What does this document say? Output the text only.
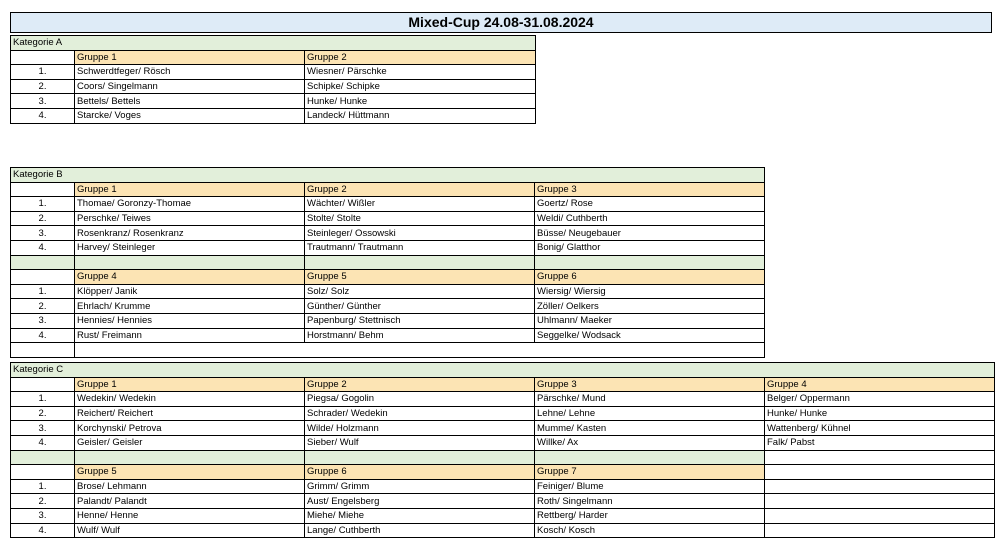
Mixed-Cup 24.08-31.08.2024
Kategorie A		
	Gruppe 1	Gruppe 2
1.	Schwerdtfeger/ Rösch	Wiesner/ Pärschke
2.	Coors/ Singelmann	Schipke/ Schipke
3.	Bettels/ Bettels	Hunke/ Hunke
4.	Starcke/ Voges	Landeck/ Hüttmann
Kategorie B			
	Gruppe 1	Gruppe 2	Gruppe 3
1.	Thomae/ Goronzy-Thomae	Wächter/ Wißler	Goertz/ Rose
2.	Perschke/ Teiwes	Stolte/ Stolte	Weldi/ Cuthberth
3.	Rosenkranz/ Rosenkranz	Steinleger/ Ossowski	Büsse/ Neugebauer
4.	Harvey/ Steinleger	Trautmann/ Trautmann	Bonig/ Glatthor

	Gruppe 4	Gruppe 5	Gruppe 6
1.	Klöpper/ Janik	Solz/ Solz	Wiersig/ Wiersig
2.	Ehrlach/ Krumme	Günther/ Günther	Zöller/ Oelkers
3.	Hennies/ Hennies	Papenburg/ Stettnisch	Uhlmann/ Maeker
4.	Rust/ Freimann	Horstmann/ Behm	Seggelke/ Wodsack

Kategorie C				
	Gruppe 1	Gruppe 2	Gruppe 3	Gruppe 4
1.	Wedekin/ Wedekin	Piegsa/ Gogolin	Pärschke/ Mund	Belger/ Oppermann
2.	Reichert/ Reichert	Schrader/ Wedekin	Lehne/ Lehne	Hunke/ Hunke
3.	Korchynski/ Petrova	Wilde/ Holzmann	Mumme/ Kasten	Wattenberg/ Kühnel
4.	Geisler/ Geisler	Sieber/ Wulf	Willke/ Ax	Falk/ Pabst

	Gruppe 5	Gruppe 6	Gruppe 7	
1.	Brose/ Lehmann	Grimm/ Grimm	Feiniger/ Blume	
2.	Palandt/ Palandt	Aust/ Engelsberg	Roth/ Singelmann	
3.	Henne/ Henne	Miehe/ Miehe	Rettberg/ Harder	
4.	Wulf/ Wulf	Lange/ Cuthberth	Kosch/ Kosch	
